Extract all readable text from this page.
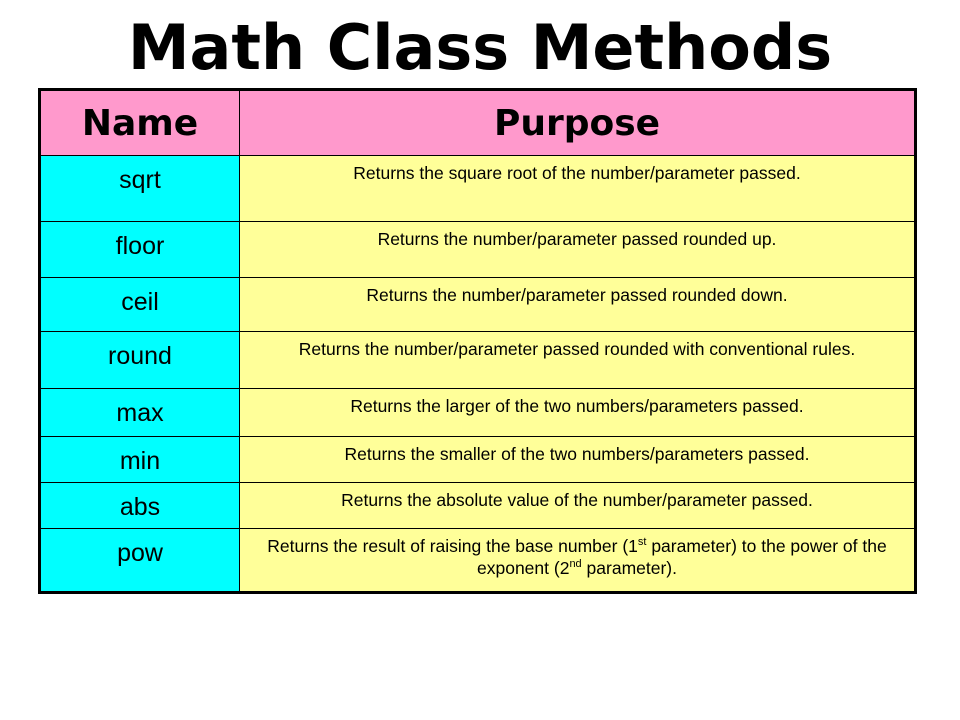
Math Class Methods
Name	Purpose
sqrt	Returns the square root of the number/parameter passed.
floor	Returns the number/parameter passed rounded up.
ceil	Returns the number/parameter passed rounded down.
round	Returns the number/parameter passed rounded with conventional rules.
max	Returns the larger of the two numbers/parameters passed.
min	Returns the smaller of the two numbers/parameters passed.
abs	Returns the absolute value of the number/parameter passed.
pow	Returns the result of raising the base number (1st parameter) to the power of the exponent (2nd parameter).
